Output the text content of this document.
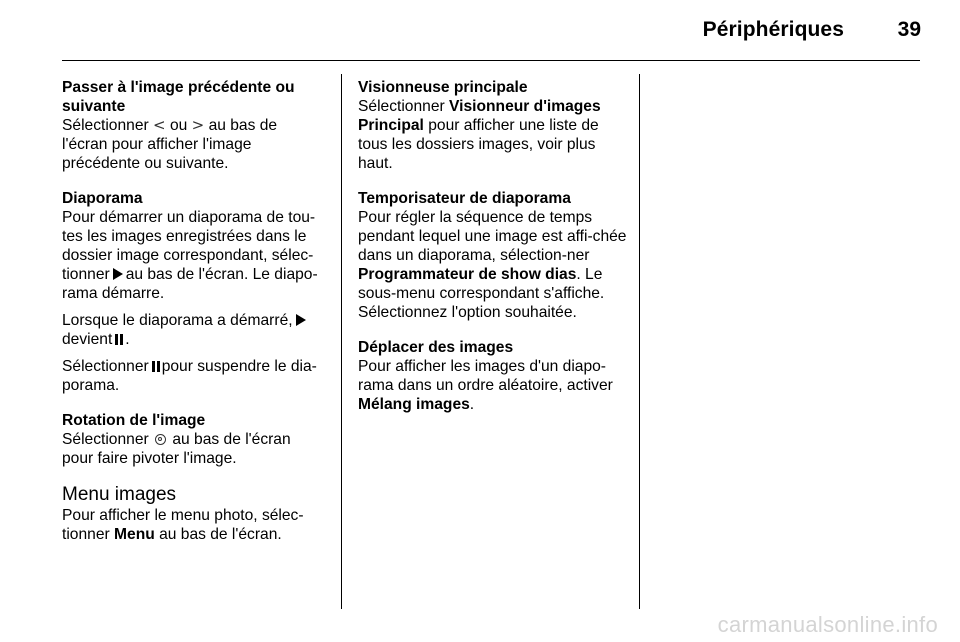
Périphériques	39

Passer à l'image précédente ou suivante

Sélectionner < ou > au bas de l'écran pour afficher l'image précédente ou suivante.

Diaporama

Pour démarrer un diaporama de tou-tes les images enregistrées dans le dossier image correspondant, sélec-tionner au bas de l'écran. Le diapo-rama démarre.

Lorsque le diaporama a démarré,
devient .

Sélectionner pour suspendre le dia-porama.

Rotation de l'image

Sélectionner au bas de l'écran pour faire pivoter l'image.

Menu images

Pour afficher le menu photo, sélec-tionner Menu au bas de l'écran.

Visionneuse principale

Sélectionner Visionneur d'images Principal pour afficher une liste de tous les dossiers images, voir plus haut.

Temporisateur de diaporama

Pour régler la séquence de temps pendant lequel une image est affi-chée dans un diaporama, sélection-ner Programmateur de show dias. Le sous-menu correspondant s'affiche. Sélectionnez l'option souhaitée.

Déplacer des images

Pour afficher les images d'un diapo-rama dans un ordre aléatoire, activer Mélang images.

carmanualsonline.info
